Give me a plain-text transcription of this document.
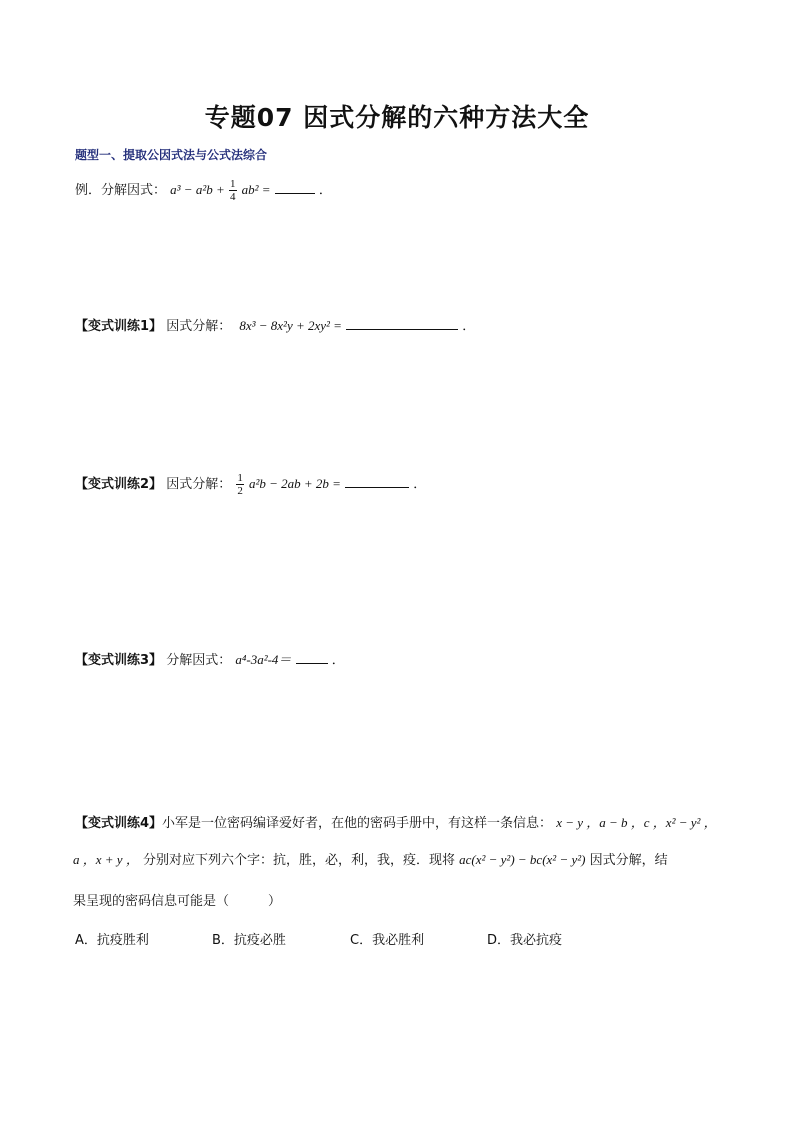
专题07 因式分解的六种方法大全
题型一、提取公因式法与公式法综合
例．分解因式： $a^3 - a^2b + \frac{1}{4} ab^2$ =	．
【变式训练1】 因式分解： 8x³ − 8x²y + 2xy² =	．
【变式训练2】 因式分解： $\frac{1}{2} a^2b - 2ab + 2b$ =	．
【变式训练3】 分解因式： a⁴-3a²-4＝	．
【变式训练4】小军是一位密码编译爱好者，在他的密码手册中，有这样一条信息： x − y ，a − b ，c ，x² − y² ，
a ，x + y ， 分别对应下列六个字：抗，胜，必，利，我，疫．现将 ac(x² − y²) − bc(x² − y²) 因式分解，结
果呈现的密码信息可能是（　　　）
A．抗疫胜利	B．抗疫必胜	C．我必胜利	D．我必抗疫
